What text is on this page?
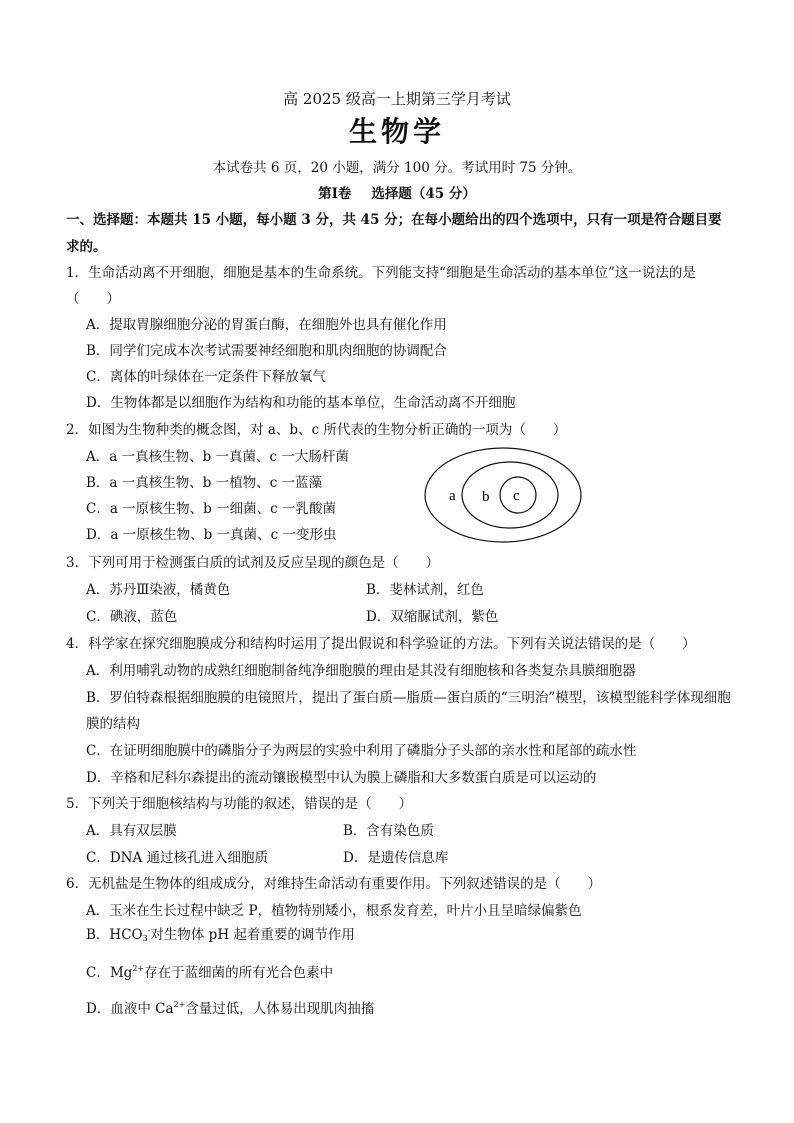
高 2025 级高一上期第三学月考试
生物学
本试卷共 6 页，20 小题，满分 100 分。考试用时 75 分钟。
第Ⅰ卷 选择题（45 分）
一、选择题：本题共 15 小题，每小题 3 分，共 45 分；在每小题给出的四个选项中，只有一项是符合题目要求的。
1．生命活动离不开细胞，细胞是基本的生命系统。下列能支持“细胞是生命活动的基本单位”这一说法的是（　　）
A．提取胃腺细胞分泌的胃蛋白酶，在细胞外也具有催化作用
B．同学们完成本次考试需要神经细胞和肌肉细胞的协调配合
C．离体的叶绿体在一定条件下释放氧气
D．生物体都是以细胞作为结构和功能的基本单位，生命活动离不开细胞
2．如图为生物种类的概念图，对 a、b、c 所代表的生物分析正确的一项为（　　）
A．a 一真核生物、b 一真菌、c 一大肠杆菌
B．a 一真核生物、b 一植物、c 一蓝藻
C．a 一原核生物、b 一细菌、c 一乳酸菌
D．a 一原核生物、b 一真菌、c 一变形虫
a b c
3．下列可用于检测蛋白质的试剂及反应呈现的颜色是（　　）
A．苏丹Ⅲ染液，橘黄色	B．斐林试剂，红色
C．碘液，蓝色	D．双缩脲试剂，紫色
4．科学家在探究细胞膜成分和结构时运用了提出假说和科学验证的方法。下列有关说法错误的是（　　）
A．利用哺乳动物的成熟红细胞制备纯净细胞膜的理由是其没有细胞核和各类复杂具膜细胞器
B．罗伯特森根据细胞膜的电镜照片，提出了蛋白质—脂质—蛋白质的“三明治”模型，该模型能科学体现细胞膜的结构
C．在证明细胞膜中的磷脂分子为两层的实验中利用了磷脂分子头部的亲水性和尾部的疏水性
D．辛格和尼科尔森提出的流动镶嵌模型中认为膜上磷脂和大多数蛋白质是可以运动的
5．下列关于细胞核结构与功能的叙述，错误的是（　　）
A．具有双层膜	B．含有染色质
C．DNA 通过核孔进入细胞质	D．是遗传信息库
6．无机盐是生物体的组成成分，对维持生命活动有重要作用。下列叙述错误的是（　　）
A．玉米在生长过程中缺乏 P，植物特别矮小，根系发育差，叶片小且呈暗绿偏紫色
B．$HCO_3^-$对生物体 pH 起着重要的调节作用
C．$Mg^{2+}$存在于蓝细菌的所有光合色素中
D．血液中 $Ca^{2+}$含量过低，人体易出现肌肉抽搐
